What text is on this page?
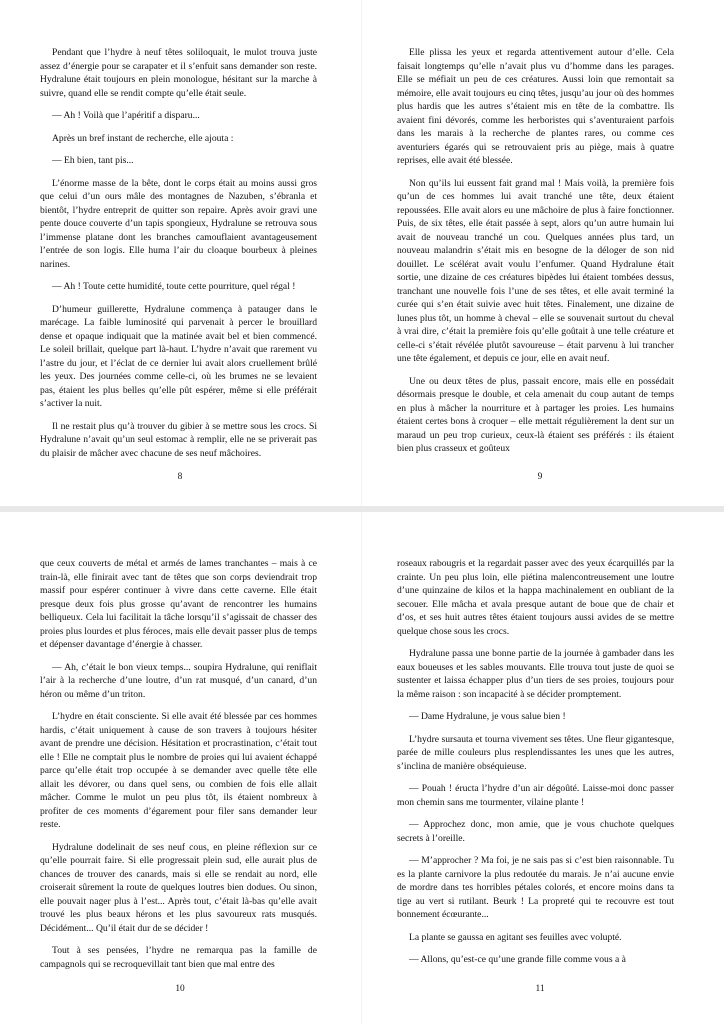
Pendant que l’hydre à neuf têtes soliloquait, le mulot trouva juste assez d’énergie pour se carapater et il s’enfuit sans demander son reste. Hydralune était toujours en plein monologue, hésitant sur la marche à suivre, quand elle se rendit compte qu’elle était seule.

— Ah ! Voilà que l’apéritif a disparu...

Après un bref instant de recherche, elle ajouta :

— Eh bien, tant pis...

L’énorme masse de la bête, dont le corps était au moins aussi gros que celui d’un ours mâle des montagnes de Nazuben, s’ébranla et bientôt, l’hydre entreprit de quitter son repaire. Après avoir gravi une pente douce couverte d’un tapis spongieux, Hydralune se retrouva sous l’immense platane dont les branches camouflaient avantageusement l’entrée de son logis. Elle huma l’air du cloaque bourbeux à pleines narines.

— Ah ! Toute cette humidité, toute cette pourriture, quel régal !

D’humeur guillerette, Hydralune commença à patauger dans le marécage. La faible luminosité qui parvenait à percer le brouillard dense et opaque indiquait que la matinée avait bel et bien commencé. Le soleil brillait, quelque part là-haut. L’hydre n’avait que rarement vu l’astre du jour, et l’éclat de ce dernier lui avait alors cruellement brûlé les yeux. Des journées comme celle-ci, où les brumes ne se levaient pas, étaient les plus belles qu’elle pût espérer, même si elle préférait s’activer la nuit.

Il ne restait plus qu’à trouver du gibier à se mettre sous les crocs. Si Hydralune n’avait qu’un seul estomac à remplir, elle ne se priverait pas du plaisir de mâcher avec chacune de ses neuf mâchoires.

8

Elle plissa les yeux et regarda attentivement autour d’elle. Cela faisait longtemps qu’elle n’avait plus vu d’homme dans les parages. Elle se méfiait un peu de ces créatures. Aussi loin que remontait sa mémoire, elle avait toujours eu cinq têtes, jusqu’au jour où des hommes plus hardis que les autres s’étaient mis en tête de la combattre. Ils avaient fini dévorés, comme les herboristes qui s’aventuraient parfois dans les marais à la recherche de plantes rares, ou comme ces aventuriers égarés qui se retrouvaient pris au piège, mais à quatre reprises, elle avait été blessée.

Non qu’ils lui eussent fait grand mal ! Mais voilà, la première fois qu’un de ces hommes lui avait tranché une tête, deux étaient repoussées. Elle avait alors eu une mâchoire de plus à faire fonctionner. Puis, de six têtes, elle était passée à sept, alors qu’un autre humain lui avait de nouveau tranché un cou. Quelques années plus tard, un nouveau malandrin s’était mis en besogne de la déloger de son nid douillet. Le scélérat avait voulu l’enfumer. Quand Hydralune était sortie, une dizaine de ces créatures bipèdes lui étaient tombées dessus, tranchant une nouvelle fois l’une de ses têtes, et elle avait terminé la curée qui s’en était suivie avec huit têtes. Finalement, une dizaine de lunes plus tôt, un homme à cheval – elle se souvenait surtout du cheval à vrai dire, c’était la première fois qu’elle goûtait à une telle créature et celle-ci s’était révélée plutôt savoureuse – était parvenu à lui trancher une tête également, et depuis ce jour, elle en avait neuf.

Une ou deux têtes de plus, passait encore, mais elle en possédait désormais presque le double, et cela amenait du coup autant de temps en plus à mâcher la nourriture et à partager les proies. Les humains étaient certes bons à croquer – elle mettait régulièrement la dent sur un maraud un peu trop curieux, ceux-là étaient ses préférés : ils étaient bien plus crasseux et goûteux

9

que ceux couverts de métal et armés de lames tranchantes – mais à ce train-là, elle finirait avec tant de têtes que son corps deviendrait trop massif pour espérer continuer à vivre dans cette caverne. Elle était presque deux fois plus grosse qu’avant de rencontrer les humains belliqueux. Cela lui facilitait la tâche lorsqu’il s’agissait de chasser des proies plus lourdes et plus féroces, mais elle devait passer plus de temps et dépenser davantage d’énergie à chasser.

— Ah, c’était le bon vieux temps... soupira Hydralune, qui reniflait l’air à la recherche d’une loutre, d’un rat musqué, d’un canard, d’un héron ou même d’un triton.

L’hydre en était consciente. Si elle avait été blessée par ces hommes hardis, c’était uniquement à cause de son travers à toujours hésiter avant de prendre une décision. Hésitation et procrastination, c’était tout elle ! Elle ne comptait plus le nombre de proies qui lui avaient échappé parce qu’elle était trop occupée à se demander avec quelle tête elle allait les dévorer, ou dans quel sens, ou combien de fois elle allait mâcher. Comme le mulot un peu plus tôt, ils étaient nombreux à profiter de ces moments d’égarement pour filer sans demander leur reste.

Hydralune dodelinait de ses neuf cous, en pleine réflexion sur ce qu’elle pourrait faire. Si elle progressait plein sud, elle aurait plus de chances de trouver des canards, mais si elle se rendait au nord, elle croiserait sûrement la route de quelques loutres bien dodues. Ou sinon, elle pouvait nager plus à l’est... Après tout, c’était là-bas qu’elle avait trouvé les plus beaux hérons et les plus savoureux rats musqués. Décidément... Qu’il était dur de se décider !

Tout à ses pensées, l’hydre ne remarqua pas la famille de campagnols qui se recroquevillait tant bien que mal entre des

10

roseaux rabougris et la regardait passer avec des yeux écarquillés par la crainte. Un peu plus loin, elle piétina malencontreusement une loutre d’une quinzaine de kilos et la happa machinalement en oubliant de la secouer. Elle mâcha et avala presque autant de boue que de chair et d’os, et ses huit autres têtes étaient toujours aussi avides de se mettre quelque chose sous les crocs.

Hydralune passa une bonne partie de la journée à gambader dans les eaux boueuses et les sables mouvants. Elle trouva tout juste de quoi se sustenter et laissa échapper plus d’un tiers de ses proies, toujours pour la même raison : son incapacité à se décider promptement.

— Dame Hydralune, je vous salue bien !

L’hydre sursauta et tourna vivement ses têtes. Une fleur gigantesque, parée de mille couleurs plus resplendissantes les unes que les autres, s’inclina de manière obséquieuse.

— Pouah ! éructa l’hydre d’un air dégoûté. Laisse-moi donc passer mon chemin sans me tourmenter, vilaine plante !

— Approchez donc, mon amie, que je vous chuchote quelques secrets à l’oreille.

— M’approcher ? Ma foi, je ne sais pas si c’est bien raisonnable. Tu es la plante carnivore la plus redoutée du marais. Je n’ai aucune envie de mordre dans tes horribles pétales colorés, et encore moins dans ta tige au vert si rutilant. Beurk ! La propreté qui te recouvre est tout bonnement écœurante...

La plante se gaussa en agitant ses feuilles avec volupté.

— Allons, qu’est-ce qu’une grande fille comme vous a à

11
